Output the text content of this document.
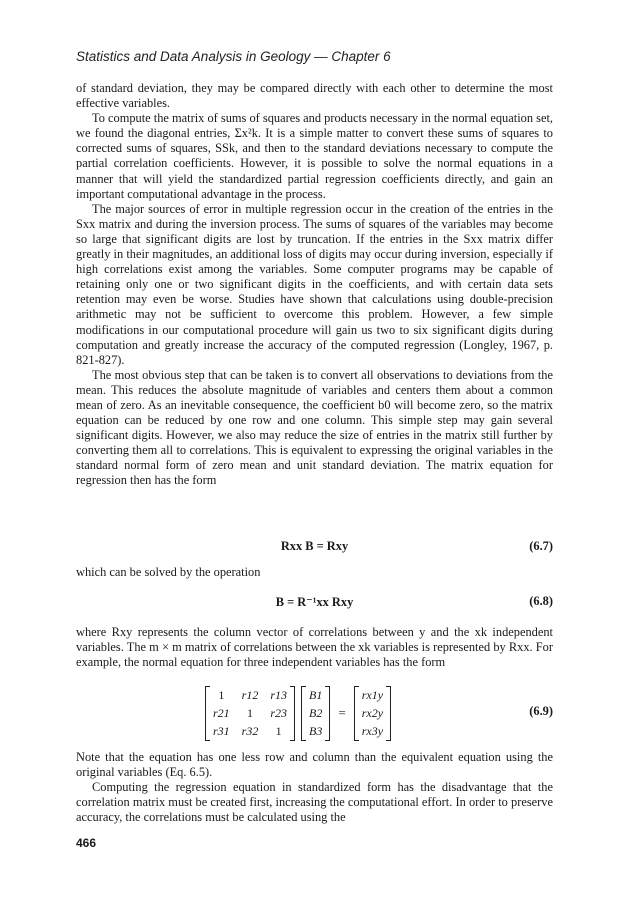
Statistics and Data Analysis in Geology — Chapter 6

of standard deviation, they may be compared directly with each other to determine the most effective variables.

To compute the matrix of sums of squares and products necessary in the normal equation set, we found the diagonal entries, Σx²k. It is a simple matter to convert these sums of squares to corrected sums of squares, SSk, and then to the standard deviations necessary to compute the partial correlation coefficients. However, it is possible to solve the normal equations in a manner that will yield the standardized partial regression coefficients directly, and gain an important computational advantage in the process.

The major sources of error in multiple regression occur in the creation of the entries in the Sxx matrix and during the inversion process. The sums of squares of the variables may become so large that significant digits are lost by truncation. If the entries in the Sxx matrix differ greatly in their magnitudes, an additional loss of digits may occur during inversion, especially if high correlations exist among the variables. Some computer programs may be capable of retaining only one or two significant digits in the coefficients, and with certain data sets retention may even be worse. Studies have shown that calculations using double-precision arithmetic may not be sufficient to overcome this problem. However, a few simple modifications in our computational procedure will gain us two to six significant digits during computation and greatly increase the accuracy of the computed regression (Longley, 1967, p. 821-827).

The most obvious step that can be taken is to convert all observations to deviations from the mean. This reduces the absolute magnitude of variables and centers them about a common mean of zero. As an inevitable consequence, the coefficient b0 will become zero, so the matrix equation can be reduced by one row and one column. This simple step may gain several significant digits. However, we also may reduce the size of entries in the matrix still further by converting them all to correlations. This is equivalent to expressing the original variables in the standard normal form of zero mean and unit standard deviation. The matrix equation for regression then has the form

Rxx B = Rxy	(6.7)
which can be solved by the operation
B = R⁻¹xx Rxy	(6.8)
where Rxy represents the column vector of correlations between y and the xk independent variables. The m × m matrix of correlations between the xk variables is represented by Rxx. For example, the normal equation for three independent variables has the form
1	r12 r13
r21	1	r23
r31 r32	1
B1
B2
B3
=
rx1y
rx2y
rx3y
(6.9)

Note that the equation has one less row and column than the equivalent equation using the original variables (Eq. 6.5).

Computing the regression equation in standardized form has the disadvantage that the correlation matrix must be created first, increasing the computational effort. In order to preserve accuracy, the correlations must be calculated using the

466
